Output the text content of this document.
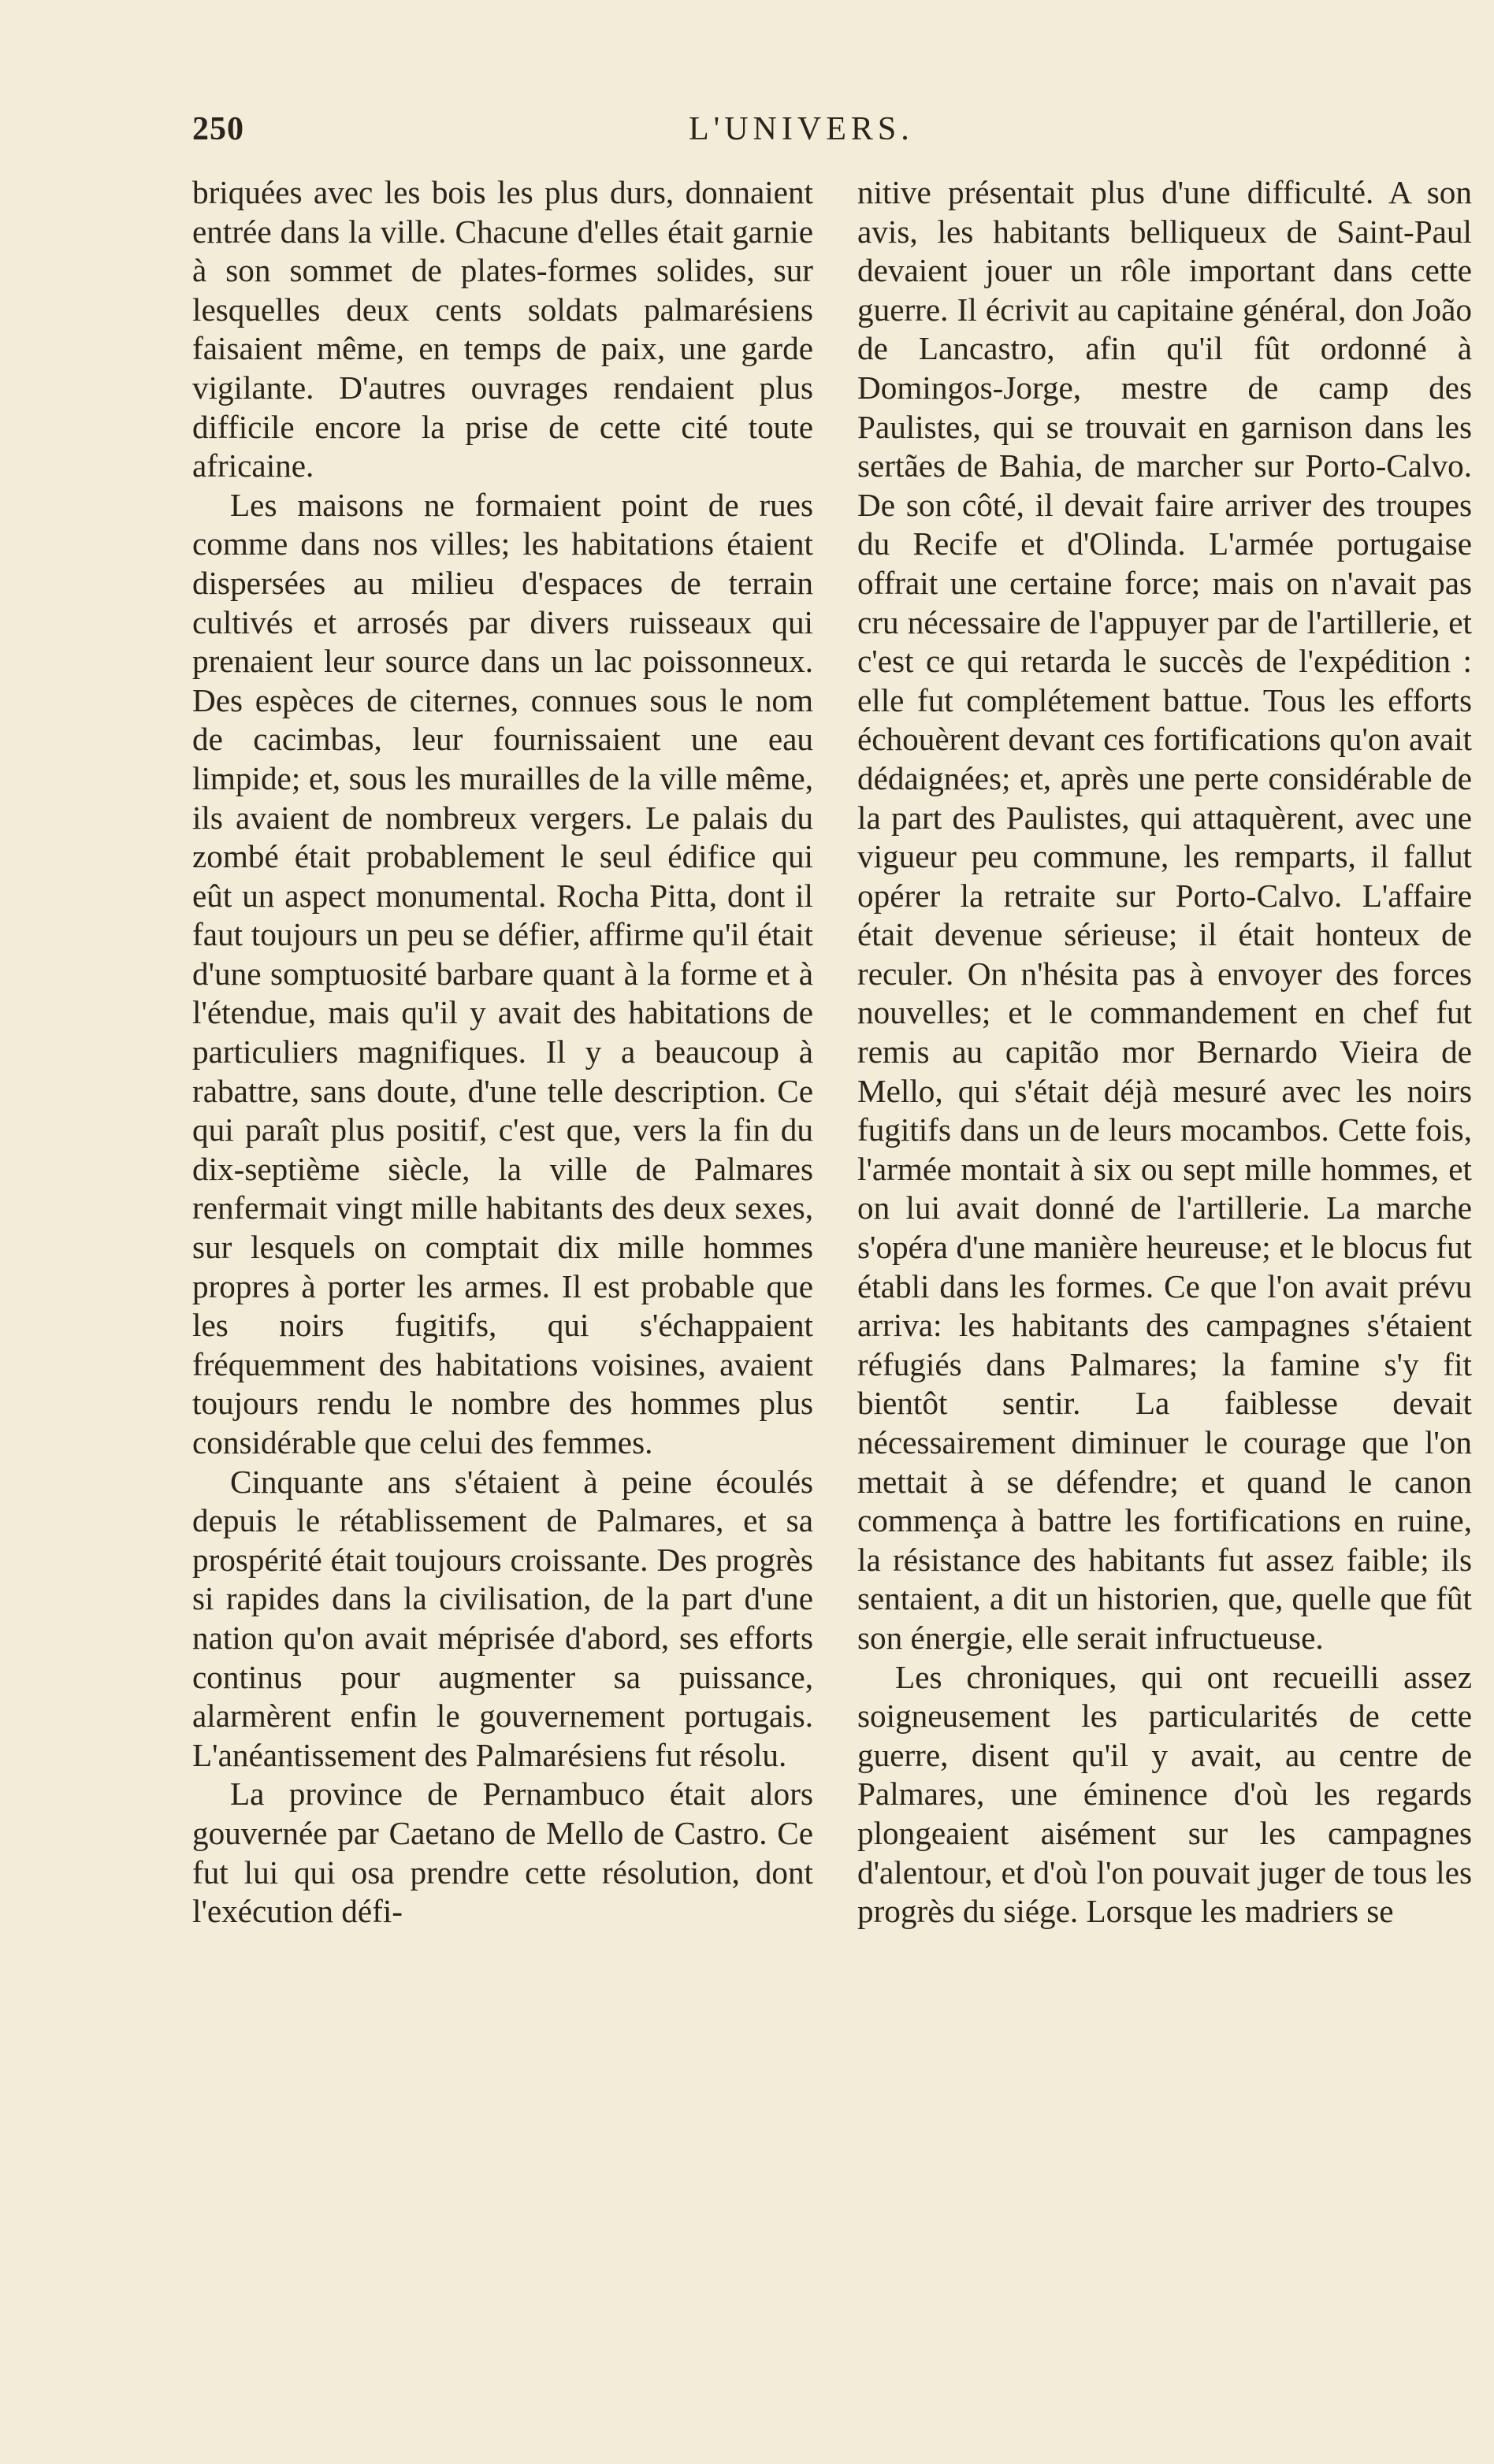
250	L'UNIVERS.

briquées avec les bois les plus durs, donnaient entrée dans la ville. Chacune d'elles était garnie à son sommet de plates-formes solides, sur lesquelles deux cents soldats palmarésiens faisaient même, en temps de paix, une garde vigilante. D'autres ouvrages rendaient plus difficile encore la prise de cette cité toute africaine.

Les maisons ne formaient point de rues comme dans nos villes; les habitations étaient dispersées au milieu d'espaces de terrain cultivés et arrosés par divers ruisseaux qui prenaient leur source dans un lac poissonneux. Des espèces de citernes, connues sous le nom de cacimbas, leur fournissaient une eau limpide; et, sous les murailles de la ville même, ils avaient de nombreux vergers. Le palais du zombé était probablement le seul édifice qui eût un aspect monumental. Rocha Pitta, dont il faut toujours un peu se défier, affirme qu'il était d'une somptuosité barbare quant à la forme et à l'étendue, mais qu'il y avait des habitations de particuliers magnifiques. Il y a beaucoup à rabattre, sans doute, d'une telle description. Ce qui paraît plus positif, c'est que, vers la fin du dix-septième siècle, la ville de Palmares renfermait vingt mille habitants des deux sexes, sur lesquels on comptait dix mille hommes propres à porter les armes. Il est probable que les noirs fugitifs, qui s'échappaient fréquemment des habitations voisines, avaient toujours rendu le nombre des hommes plus considérable que celui des femmes.

Cinquante ans s'étaient à peine écoulés depuis le rétablissement de Palmares, et sa prospérité était toujours croissante. Des progrès si rapides dans la civilisation, de la part d'une nation qu'on avait méprisée d'abord, ses efforts continus pour augmenter sa puissance, alarmèrent enfin le gouvernement portugais. L'anéantissement des Palmarésiens fut résolu.

La province de Pernambuco était alors gouvernée par Caetano de Mello de Castro. Ce fut lui qui osa prendre cette résolution, dont l'exécution défi-

nitive présentait plus d'une difficulté. A son avis, les habitants belliqueux de Saint-Paul devaient jouer un rôle important dans cette guerre. Il écrivit au capitaine général, don João de Lancastro, afin qu'il fût ordonné à Domingos-Jorge, mestre de camp des Paulistes, qui se trouvait en garnison dans les sertães de Bahia, de marcher sur Porto-Calvo. De son côté, il devait faire arriver des troupes du Recife et d'Olinda. L'armée portugaise offrait une certaine force; mais on n'avait pas cru nécessaire de l'appuyer par de l'artillerie, et c'est ce qui retarda le succès de l'expédition : elle fut complétement battue. Tous les efforts échouèrent devant ces fortifications qu'on avait dédaignées; et, après une perte considérable de la part des Paulistes, qui attaquèrent, avec une vigueur peu commune, les remparts, il fallut opérer la retraite sur Porto-Calvo. L'affaire était devenue sérieuse; il était honteux de reculer. On n'hésita pas à envoyer des forces nouvelles; et le commandement en chef fut remis au capitão mor Bernardo Vieira de Mello, qui s'était déjà mesuré avec les noirs fugitifs dans un de leurs mocambos. Cette fois, l'armée montait à six ou sept mille hommes, et on lui avait donné de l'artillerie. La marche s'opéra d'une manière heureuse; et le blocus fut établi dans les formes. Ce que l'on avait prévu arriva: les habitants des campagnes s'étaient réfugiés dans Palmares; la famine s'y fit bientôt sentir. La faiblesse devait nécessairement diminuer le courage que l'on mettait à se défendre; et quand le canon commença à battre les fortifications en ruine, la résistance des habitants fut assez faible; ils sentaient, a dit un historien, que, quelle que fût son énergie, elle serait infructueuse.

Les chroniques, qui ont recueilli assez soigneusement les particularités de cette guerre, disent qu'il y avait, au centre de Palmares, une éminence d'où les regards plongeaient aisément sur les campagnes d'alentour, et d'où l'on pouvait juger de tous les progrès du siége. Lorsque les madriers se
